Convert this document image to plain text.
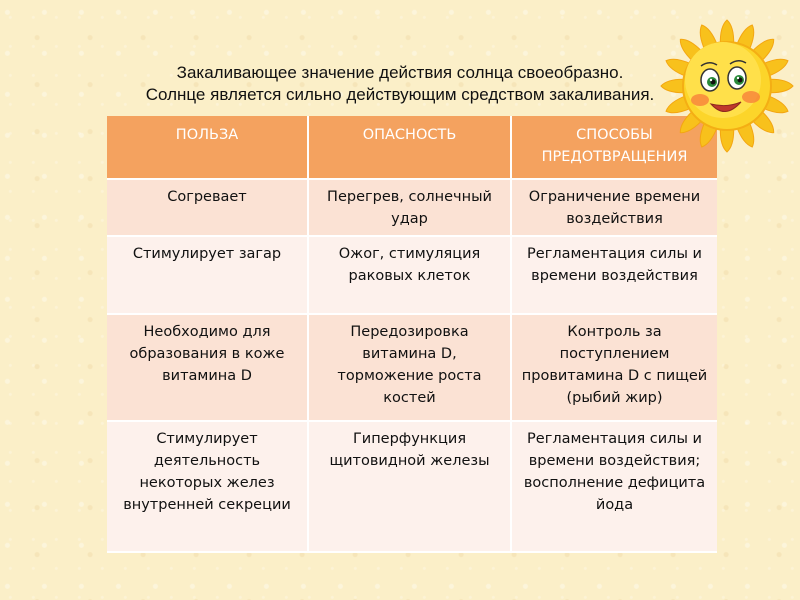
Закаливающее значение действия солнца своеобразно.
Солнце является сильно действующим средством закаливания.
ПОЛЬЗА	ОПАСНОСТЬ	СПОСОБЫ ПРЕДОТВРАЩЕНИЯ
Согревает	Перегрев, солнечный удар	Ограничение времени воздействия
Стимулирует загар	Ожог, стимуляция раковых клеток	Регламентация силы и времени воздействия
Необходимо для образования в коже витамина D	Передозировка витамина D, торможение роста костей	Контроль за поступлением провитамина D с пищей (рыбий жир)
Стимулирует деятельность некоторых желез внутренней секреции	Гиперфункция щитовидной железы	Регламентация силы и времени воздействия; восполнение дефицита йода
